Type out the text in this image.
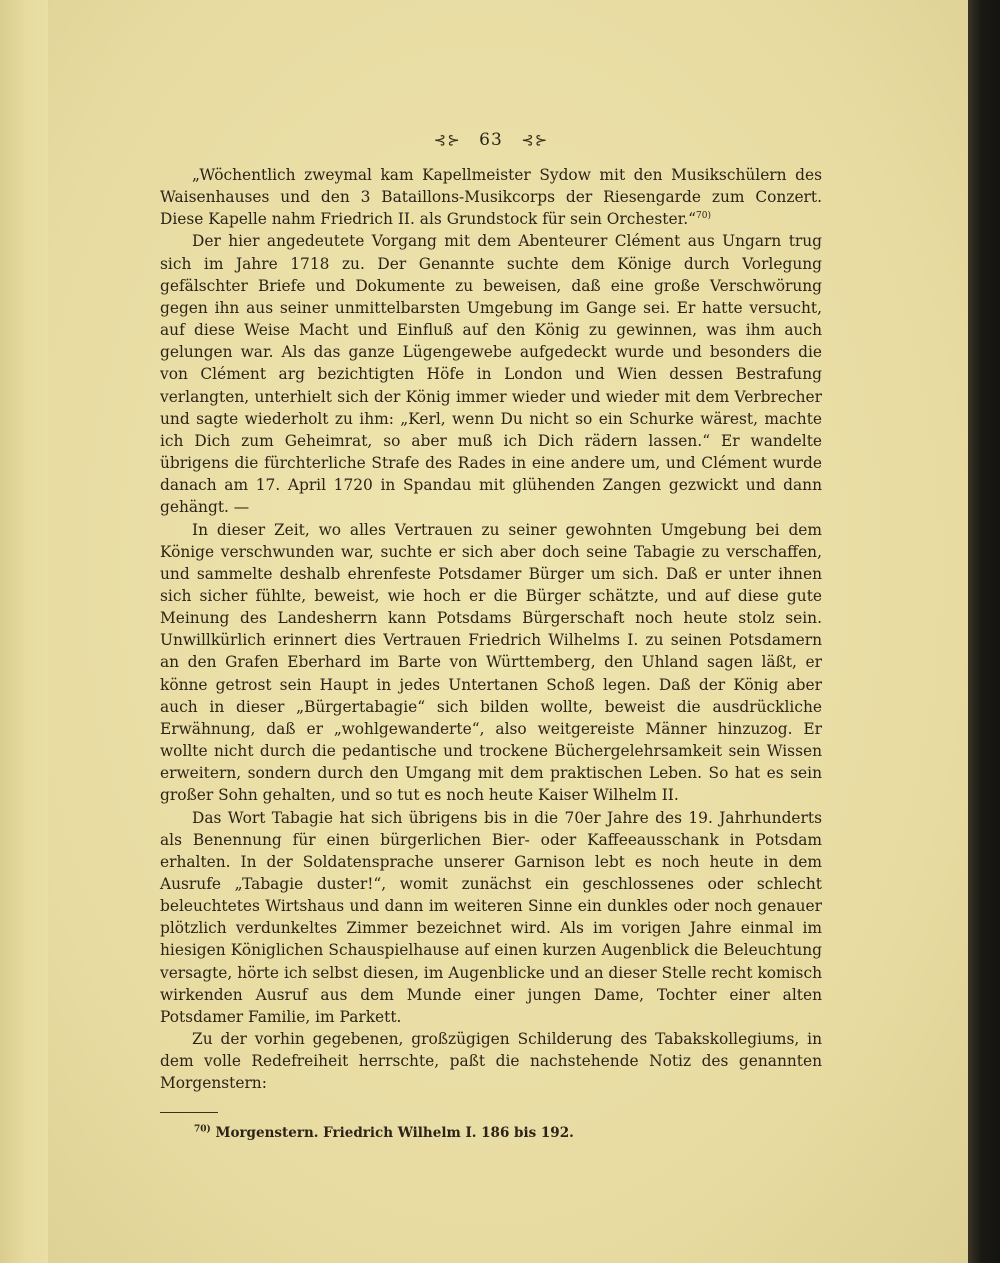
⊰⊱ 63 ⊰⊱

„Wöchentlich zweymal kam Kapellmeister Sydow mit den Musikschülern des Waisenhauses und den 3 Bataillons-Musikcorps der Riesengarde zum Conzert. Diese Kapelle nahm Friedrich II. als Grundstock für sein Orchester.“$^{70)}$

Der hier angedeutete Vorgang mit dem Abenteurer Clément aus Ungarn trug sich im Jahre 1718 zu. Der Genannte suchte dem Könige durch Vorlegung gefälschter Briefe und Dokumente zu beweisen, daß eine große Verschwörung gegen ihn aus seiner unmittelbarsten Umgebung im Gange sei. Er hatte versucht, auf diese Weise Macht und Einfluß auf den König zu gewinnen, was ihm auch gelungen war. Als das ganze Lügengewebe aufgedeckt wurde und besonders die von Clément arg bezichtigten Höfe in London und Wien dessen Bestrafung verlangten, unterhielt sich der König immer wieder und wieder mit dem Verbrecher und sagte wiederholt zu ihm: „Kerl, wenn Du nicht so ein Schurke wärest, machte ich Dich zum Geheimrat, so aber muß ich Dich rädern lassen.“ Er wandelte übrigens die fürchterliche Strafe des Rades in eine andere um, und Clément wurde danach am 17. April 1720 in Spandau mit glühenden Zangen gezwickt und dann gehängt. —

In dieser Zeit, wo alles Vertrauen zu seiner gewohnten Umgebung bei dem Könige verschwunden war, suchte er sich aber doch seine Tabagie zu verschaffen, und sammelte deshalb ehrenfeste Potsdamer Bürger um sich. Daß er unter ihnen sich sicher fühlte, beweist, wie hoch er die Bürger schätzte, und auf diese gute Meinung des Landesherrn kann Potsdams Bürgerschaft noch heute stolz sein. Unwillkürlich erinnert dies Vertrauen Friedrich Wilhelms I. zu seinen Potsdamern an den Grafen Eberhard im Barte von Württemberg, den Uhland sagen läßt, er könne getrost sein Haupt in jedes Untertanen Schoß legen. Daß der König aber auch in dieser „Bürgertabagie“ sich bilden wollte, beweist die ausdrückliche Erwähnung, daß er „wohlgewanderte“, also weitgereiste Männer hinzuzog. Er wollte nicht durch die pedantische und trockene Büchergelehrsamkeit sein Wissen erweitern, sondern durch den Umgang mit dem praktischen Leben. So hat es sein großer Sohn gehalten, und so tut es noch heute Kaiser Wilhelm II.

Das Wort Tabagie hat sich übrigens bis in die 70er Jahre des 19. Jahrhunderts als Benennung für einen bürgerlichen Bier- oder Kaffeeausschank in Potsdam erhalten. In der Soldatensprache unserer Garnison lebt es noch heute in dem Ausrufe „Tabagie duster!“, womit zunächst ein geschlossenes oder schlecht beleuchtetes Wirtshaus und dann im weiteren Sinne ein dunkles oder noch genauer plötzlich verdunkeltes Zimmer bezeichnet wird. Als im vorigen Jahre einmal im hiesigen Königlichen Schauspielhause auf einen kurzen Augenblick die Beleuchtung versagte, hörte ich selbst diesen, im Augenblicke und an dieser Stelle recht komisch wirkenden Ausruf aus dem Munde einer jungen Dame, Tochter einer alten Potsdamer Familie, im Parkett.

Zu der vorhin gegebenen, großzügigen Schilderung des Tabakskollegiums, in dem volle Redefreiheit herrschte, paßt die nachstehende Notiz des genannten Morgenstern:

$^{70)}$ Morgenstern. Friedrich Wilhelm I. 186 bis 192.
